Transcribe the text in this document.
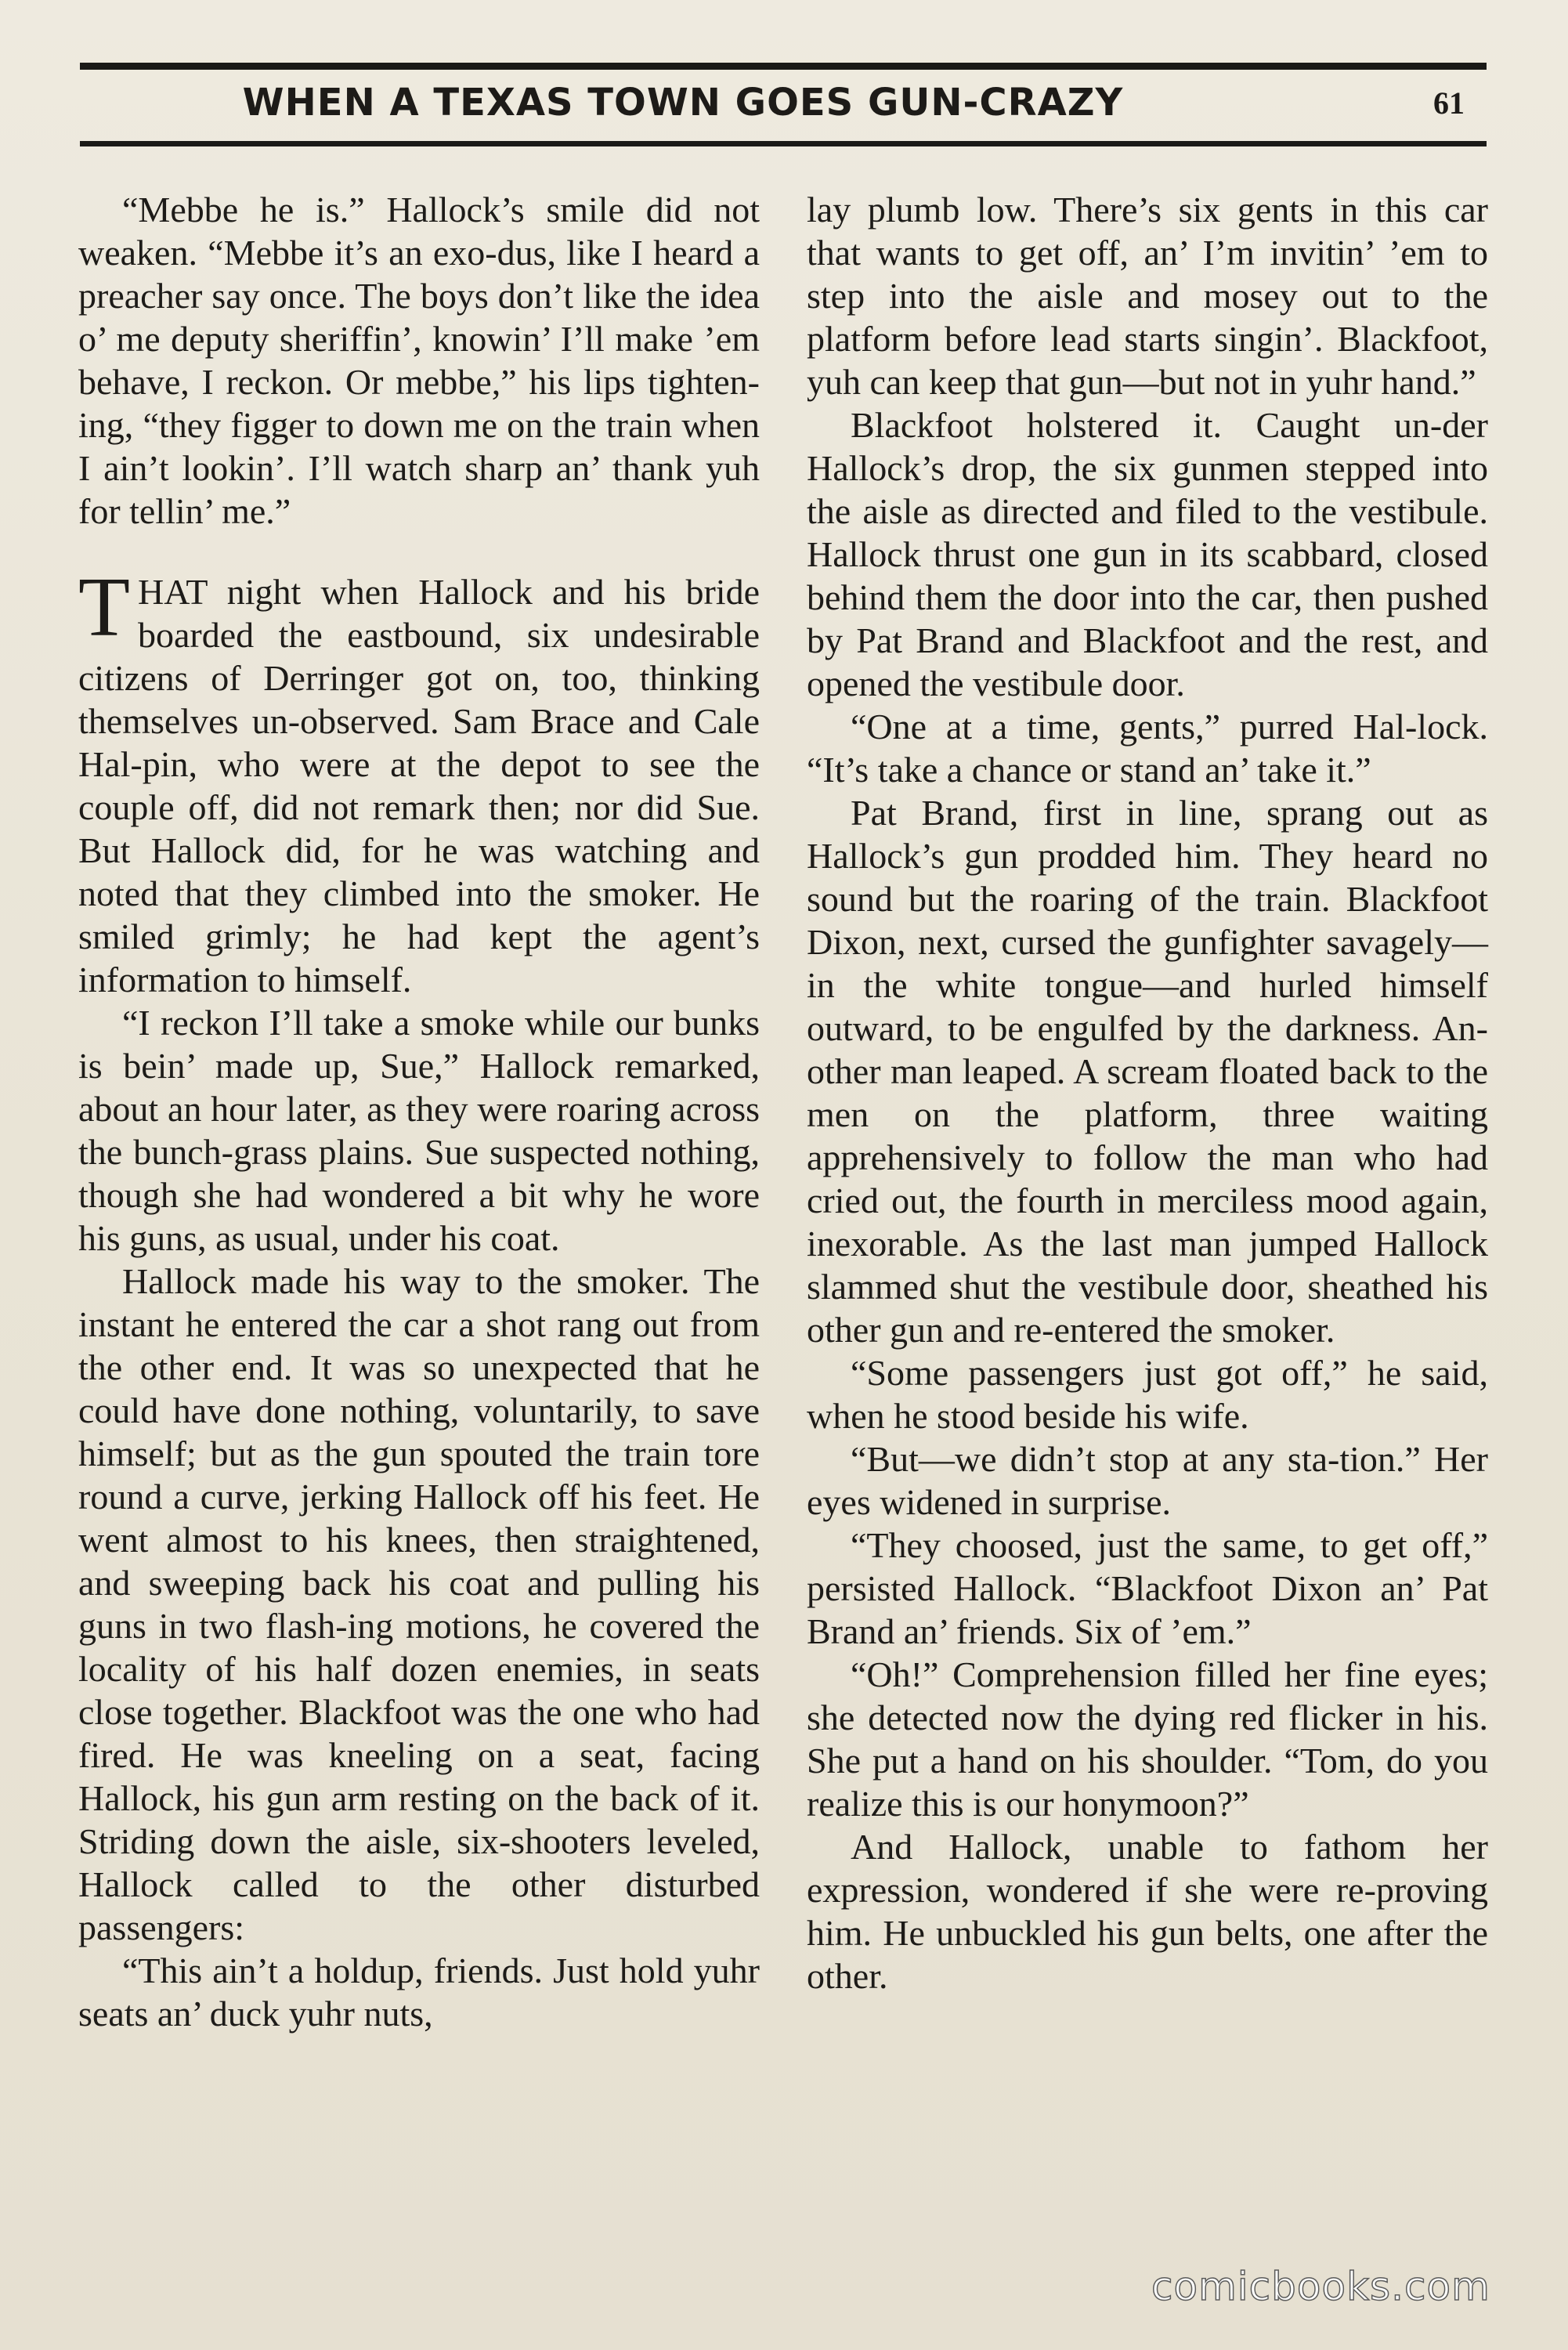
WHEN A TEXAS TOWN GOES GUN-CRAZY	61

“Mebbe he is.” Hallock’s smile did not weaken. “Mebbe it’s an exo-dus, like I heard a preacher say once. The boys don’t like the idea o’ me deputy sheriffin’, knowin’ I’ll make ’em behave, I reckon. Or mebbe,” his lips tighten-ing, “they figger to down me on the train when I ain’t lookin’. I’ll watch sharp an’ thank yuh for tellin’ me.”

THAT night when Hallock and his bride boarded the eastbound, six undesirable citizens of Derringer got on, too, thinking themselves un-observed. Sam Brace and Cale Hal-pin, who were at the depot to see the couple off, did not remark then; nor did Sue. But Hallock did, for he was watching and noted that they climbed into the smoker. He smiled grimly; he had kept the agent’s information to himself.

“I reckon I’ll take a smoke while our bunks is bein’ made up, Sue,” Hallock remarked, about an hour later, as they were roaring across the bunch-grass plains. Sue suspected nothing, though she had wondered a bit why he wore his guns, as usual, under his coat.

Hallock made his way to the smoker. The instant he entered the car a shot rang out from the other end. It was so unexpected that he could have done nothing, voluntarily, to save himself; but as the gun spouted the train tore round a curve, jerking Hallock off his feet. He went almost to his knees, then straightened, and sweeping back his coat and pulling his guns in two flash-ing motions, he covered the locality of his half dozen enemies, in seats close together. Blackfoot was the one who had fired. He was kneeling on a seat, facing Hallock, his gun arm resting on the back of it. Striding down the aisle, six-shooters leveled, Hallock called to the other disturbed passengers:

“This ain’t a holdup, friends. Just hold yuhr seats an’ duck yuhr nuts,

lay plumb low. There’s six gents in this car that wants to get off, an’ I’m invitin’ ’em to step into the aisle and mosey out to the platform before lead starts singin’. Blackfoot, yuh can keep that gun—but not in yuhr hand.”

Blackfoot holstered it. Caught un-der Hallock’s drop, the six gunmen stepped into the aisle as directed and filed to the vestibule. Hallock thrust one gun in its scabbard, closed behind them the door into the car, then pushed by Pat Brand and Blackfoot and the rest, and opened the vestibule door.

“One at a time, gents,” purred Hal-lock. “It’s take a chance or stand an’ take it.”

Pat Brand, first in line, sprang out as Hallock’s gun prodded him. They heard no sound but the roaring of the train. Blackfoot Dixon, next, cursed the gunfighter savagely—in the white tongue—and hurled himself outward, to be engulfed by the darkness. An-other man leaped. A scream floated back to the men on the platform, three waiting apprehensively to follow the man who had cried out, the fourth in merciless mood again, inexorable. As the last man jumped Hallock slammed shut the vestibule door, sheathed his other gun and re-entered the smoker.

“Some passengers just got off,” he said, when he stood beside his wife.

“But—we didn’t stop at any sta-tion.” Her eyes widened in surprise.

“They choosed, just the same, to get off,” persisted Hallock. “Blackfoot Dixon an’ Pat Brand an’ friends. Six of ’em.”

“Oh!” Comprehension filled her fine eyes; she detected now the dying red flicker in his. She put a hand on his shoulder. “Tom, do you realize this is our honymoon?”

And Hallock, unable to fathom her expression, wondered if she were re-proving him. He unbuckled his gun belts, one after the other.

comicbooks.com
